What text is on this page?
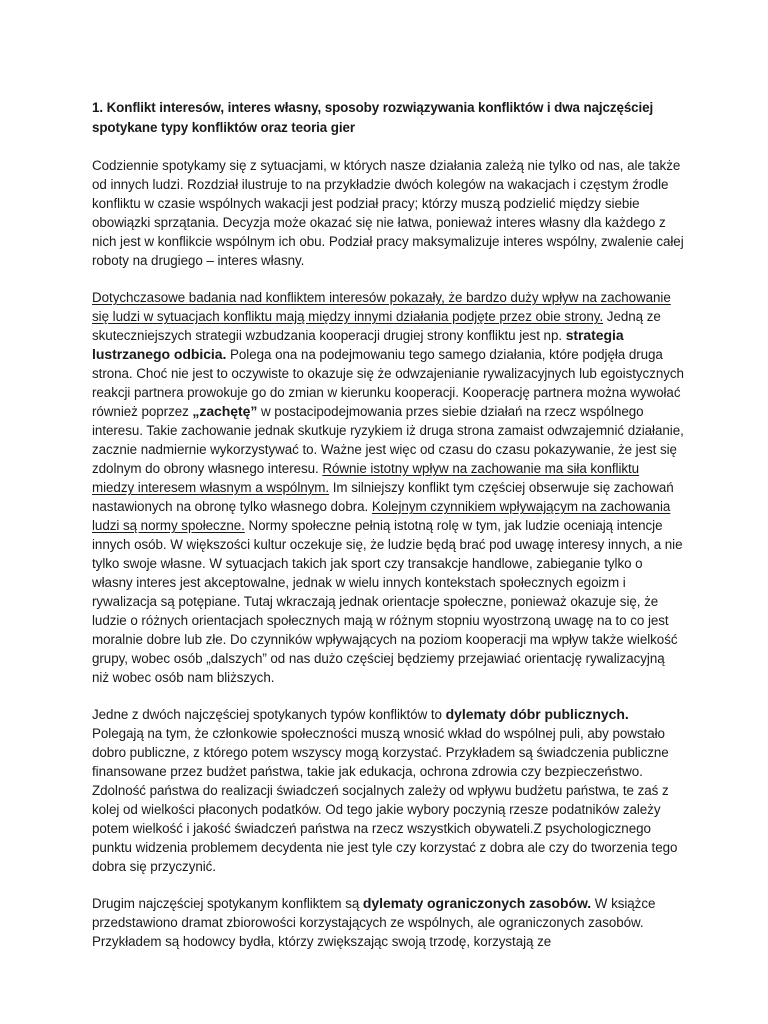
1. Konflikt interesów, interes własny, sposoby rozwiązywania konfliktów i dwa najczęściej spotykane typy konfliktów oraz teoria gier

Codziennie spotykamy się z sytuacjami, w których nasze działania zależą nie tylko od nas, ale także od innych ludzi. Rozdział ilustruje to na przykładzie dwóch kolegów na wakacjach i częstym źrodle konfliktu w czasie wspólnych wakacji jest podział pracy; którzy muszą podzielić między siebie obowiązki sprzątania. Decyzja może okazać się nie łatwa, ponieważ interes własny dla każdego z nich jest w konflikcie wspólnym ich obu. Podział pracy maksymalizuje interes wspólny, zwalenie całej roboty na drugiego – interes własny.

Dotychczasowe badania nad konfliktem interesów pokazały, że bardzo duży wpływ na zachowanie się ludzi w sytuacjach konfliktu mają między innymi działania podjęte przez obie strony. Jedną ze skuteczniejszych strategii wzbudzania kooperacji drugiej strony konfliktu jest np. strategia lustrzanego odbicia. Polega ona na podejmowaniu tego samego działania, które podjęła druga strona. Choć nie jest to oczywiste to okazuje się że odwzajenianie rywalizacyjnych lub egoistycznych reakcji partnera prowokuje go do zmian w kierunku kooperacji. Kooperację partnera można wywołać również poprzez „zachętę” w postacipodejmowania przes siebie działań na rzecz wspólnego interesu. Takie zachowanie jednak skutkuje ryzykiem iż druga strona zamaist odwzajemnić działanie, zacznie nadmiernie wykorzystywać to. Ważne jest więc od czasu do czasu pokazywanie, że jest się zdolnym do obrony własnego interesu. Równie istotny wpływ na zachowanie ma siła konfliktu miedzy interesem własnym a wspólnym. Im silniejszy konflikt tym częściej obserwuje się zachowań nastawionych na obronę tylko własnego dobra. Kolejnym czynnikiem wpływającym na zachowania ludzi są normy społeczne. Normy społeczne pełnią istotną rolę w tym, jak ludzie oceniają intencje innych osób. W większości kultur oczekuje się, że ludzie będą brać pod uwagę interesy innych, a nie tylko swoje własne. W sytuacjach takich jak sport czy transakcje handlowe, zabieganie tylko o własny interes jest akceptowalne, jednak w wielu innych kontekstach społecznych egoizm i rywalizacja są potępiane. Tutaj wkraczają jednak orientacje społeczne, ponieważ okazuje się, że ludzie o różnych orientacjach społecznych mają w różnym stopniu wyostrzoną uwagę na to co jest moralnie dobre lub złe. Do czynników wpływających na poziom kooperacji ma wpływ także wielkość grupy, wobec osób „dalszych” od nas dużo częściej będziemy przejawiać orientację rywalizacyjną niż wobec osób nam bliższych.

Jedne z dwóch najczęściej spotykanych typów konfliktów to dylematy dóbr publicznych. Polegają na tym, że członkowie społeczności muszą wnosić wkład do wspólnej puli, aby powstało dobro publiczne, z którego potem wszyscy mogą korzystać. Przykładem są świadczenia publiczne finansowane przez budżet państwa, takie jak edukacja, ochrona zdrowia czy bezpieczeństwo. Zdolność państwa do realizacji świadczeń socjalnych zależy od wpływu budżetu państwa, te zaś z kolej od wielkości płaconych podatków. Od tego jakie wybory poczynią rzesze podatników zależy potem wielkość i jakość świadczeń państwa na rzecz wszystkich obywateli.Z psychologicznego punktu widzenia problemem decydenta nie jest tyle czy korzystać z dobra ale czy do tworzenia tego dobra się przyczynić.

Drugim najczęściej spotykanym konfliktem są dylematy ograniczonych zasobów. W książce przedstawiono dramat zbiorowości korzystających ze wspólnych, ale ograniczonych zasobów. Przykładem są hodowcy bydła, którzy zwiększając swoją trzodę, korzystają ze
